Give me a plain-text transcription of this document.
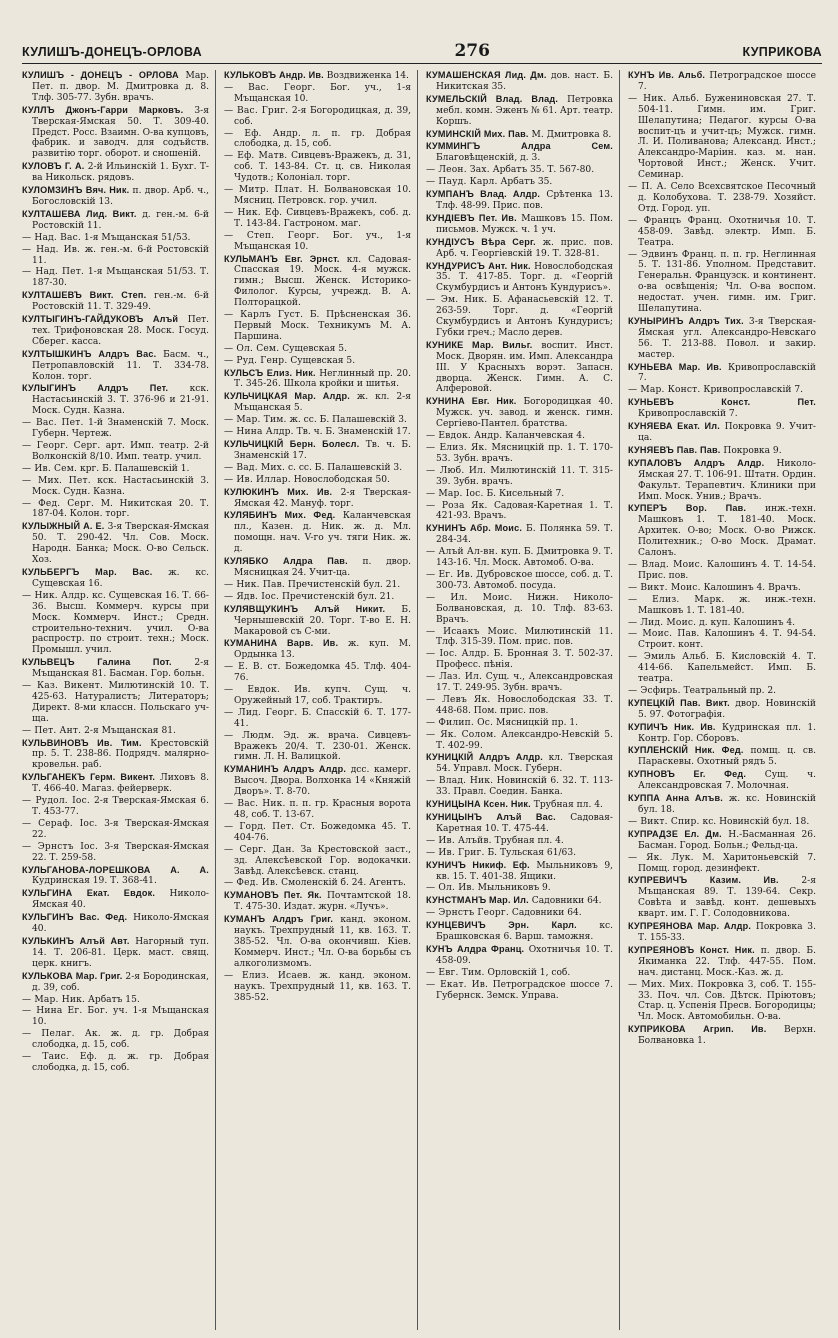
КУЛИШЪ-ДОНЕЦЪ-ОРЛОВА	276	КУПРИКОВА

КУЛИШЪ - ДОНЕЦЪ - ОРЛОВА Мар. Пет. п. двор. М. Дмитровка д. 8. Тлф. 305-77. Зубн. врачъ.

КУЛЛЪ Джонъ-Гарри Марковъ. 3-я Тверская-Ямская 50. Т. 309-40. Предст. Росс. Взаимн. О-ва купцовъ, фабрик. и заводч. для содъйств. развитію торг. оборот. и сношеній.

КУЛОВЪ Г. А. 2-й Ильинскій 1. Бухг. Т-ва Никольск. рядовъ.

КУЛОМЗИНЪ Вяч. Ник. п. двор. Арб. ч., Богословскій 13.

КУЛТАШЕВА Лид. Викт. д. ген.-м. 6-й Ростовскій 11.

— Над. Вас. 1-я Мъщанская 51/53.

— Над. Ив. ж. ген.-м. 6-й Ростовскій 11.

— Над. Пет. 1-я Мъщанская 51/53. Т. 187-30.

КУЛТАШЕВЪ Викт. Степ. ген.-м. 6-й Ростовскій 11. Т. 329-49.

КУЛТЫГИНЪ-ГАЙДУКОВЪ Алъй Пет. тех. Трифоновская 28. Моск. Госуд. Сберег. касса.

КУЛТЫШКИНЪ Алдръ Вас. Басм. ч., Петропавловскій 11. Т. 334-78. Колон. торг.

КУЛЫГИНЪ Алдръ Пет. кск. Настасьинскій 3. Т. 376-96 и 21-91. Моск. Судн. Казна.

— Вас. Пет. 1-й Знаменскій 7. Моск. Губерн. Чертеж.

— Георг. Серг. арт. Имп. театр. 2-й Волконскій 8/10. Имп. театр. учил.

— Ив. Сем. крг. Б. Палашевскій 1.

— Мих. Пет. кск. Настасьинскій 3. Моск. Судн. Казна.

— Фед. Серг. М. Никитская 20. Т. 187-04. Колон. торг.

КУЛЫЖНЫЙ А. Е. 3-я Тверская-Ямская 50. Т. 290-42. Чл. Сов. Моск. Народн. Банка; Моск. О-во Сельск. Хоз.

КУЛЬБЕРГЪ Мар. Вас. ж. кс. Сущевская 16.

— Ник. Алдр. кс. Сущевская 16. Т. 66-36. Высш. Коммерч. курсы при Моск. Коммерч. Инст.; Средн. строительно-технич. учил. О-ва распростр. по строит. техн.; Моск. Промышл. учил.

КУЛЬВЕЦЪ Галина Пот. 2-я Мъщанская 81. Басман. Гор. больн.

— Каз. Викент. Милютинскій 10. Т. 425-63. Натуралистъ; Литераторъ; Директ. 8-ми классн. Польскаго уч-ща.

— Пет. Ант. 2-я Мъщанская 81.

КУЛЬВИНОВЪ Ив. Тим. Крестовскій пр. 5. Т. 238-86. Подрядч. малярно-кровельн. раб.

КУЛЬГАНЕКЪ Герм. Викент. Лиховъ 8. Т. 466-40. Магаз. фейерверк.

— Рудол. Іос. 2-я Тверская-Ямская 6. Т. 453-77.

— Сераф. Іос. 3-я Тверская-Ямская 22.

— Эрнстъ Іос. 3-я Тверская-Ямская 22. Т. 259-58.

КУЛЬГАНОВА-ЛОРЕШКОВА А. А. Кудринская 19. Т. 368-41.

КУЛЬГИНА Екат. Евдок. Николо-Ямская 40.

КУЛЬГИНЪ Вас. Фед. Николо-Ямская 40.

КУЛЬКИНЪ Алъй Авт. Нагорный туп. 14. Т. 206-81. Церк. маст. свящ. церк. книгъ.

КУЛЬКОВА Мар. Григ. 2-я Бородинская, д. 39, соб.

— Мар. Ник. Арбатъ 15.

— Нина Ег. Бог. уч. 1-я Мъщанская 10.

— Пелаг. Ак. ж. д. гр. Добрая слободка, д. 15, соб.

— Таис. Еф. д. ж. гр. Добрая слободка, д. 15, соб.

КУЛЬКОВЪ Андр. Ив. Воздвиженка 14.

— Вас. Георг. Бог. уч., 1-я Мъщанская 10.

— Вас. Григ. 2-я Богородицкая, д. 39, соб.

— Еф. Андр. л. п. гр. Добрая слободка, д. 15, соб.

— Еф. Матв. Сивцевъ-Вражекъ, д. 31, соб. Т. 143-84. Ст. ц. св. Николая Чудотв.; Колоніал. торг.

— Митр. Плат. Н. Болвановская 10. Мясниц. Петровск. гор. учил.

— Ник. Еф. Сивцевъ-Вражекъ, соб. д. Т. 143-84. Гастроном. маг.

— Степ. Георг. Бог. уч., 1-я Мъщанская 10.

КУЛЬМАНЪ Евг. Эрнст. кл. Садовая-Спасская 19. Моск. 4-я мужск. гимн.; Высш. Женск. Историко-Филолог. Курсы, учрежд. В. А. Полторацкой.

— Карлъ Густ. Б. Прѣсненская 36. Первый Моск. Техникумъ М. А. Паршина.

— Ол. Сем. Сущевская 5.

— Руд. Генр. Сущевская 5.

КУЛЬСЪ Елиз. Ник. Неглинный пр. 20. Т. 345-26. Школа кройки и шитья.

КУЛЬЧИЦКАЯ Мар. Алдр. ж. кл. 2-я Мъщанская 5.

— Мар. Тим. ж. сс. Б. Палашевскій 3.

— Нина Алдр. Тв. ч. Б. Знаменскій 17.

КУЛЬЧИЦКІЙ Берн. Болесл. Тв. ч. Б. Знаменскій 17.

— Вад. Мих. с. сс. Б. Палашевскій 3.

— Ив. Иллар. Новослободская 50.

КУЛЮКИНЪ Мих. Ив. 2-я Тверская-Ямская 42. Мануф. торг.

КУЛЯБИНЪ Мих. Фед. Каланчевская пл., Казен. д. Ник. ж. д. Мл. помощн. нач. V-го уч. тяги Ник. ж. д.

КУЛЯБКО Алдра Пав. п. двор. Мясницкая 24. Учит-ца.

— Ник. Пав. Пречистенскій бул. 21.

— Ядв. Іос. Пречистенскій бул. 21.

КУЛЯВЩУКИНЪ Алъй Никит. Б. Чернышевскій 20. Торг. Т-во Е. Н. Макаровой съ С-ми.

КУМАНИНА Варв. Ив. ж. куп. М. Ордынка 13.

— Е. В. ст. Божедомка 45. Тлф. 404-76.

— Евдок. Ив. купч. Сущ. ч. Оружейный 17, соб. Трактиръ.

— Лид. Георг. Б. Спасскій 6. Т. 177-41.

— Людм. Эд. ж. врача. Сивцевъ-Вражекъ 20/4. Т. 230-01. Женск. гимн. Л. Н. Валицкой.

КУМАНИНЪ Алдръ Алдр. дсс. камерг. Высоч. Двора. Волхонка 14 «Княжій Дворъ». Т. 8-70.

— Вас. Ник. п. п. гр. Красныя ворота 48, соб. Т. 13-67.

— Горд. Пет. Ст. Божедомка 45. Т. 404-76.

— Серг. Дан. За Крестовской заст., зд. Алексѣевской Гор. водокачки. Завѣд. Алексѣевск. станц.

— Фед. Ив. Смоленскій б. 24. Агентъ.

КУМАНОВЪ Пет. Як. Почтамтской 18. Т. 475-30. Издат. журн. «Лучъ».

КУМАНЪ Алдръ Григ. канд. эконом. наукъ. Трехпрудный 11, кв. 163. Т. 385-52. Чл. О-ва окончивш. Кіев. Коммерч. Инст.; Чл. О-ва борьбы съ алкоголизмомъ.

— Елиз. Исаев. ж. канд. эконом. наукъ. Трехпрудный 11, кв. 163. Т. 385-52.

КУМАШЕНСКАЯ Лид. Дм. дов. наст. Б. Никитская 35.

КУМЕЛЬСКІЙ Влад. Влад. Петровка мебл. комн. Эженъ № 61. Арт. театр. Коршъ.

КУМИНСКІЙ Мих. Пав. М. Дмитровка 8.

КУММИНГЪ Алдра Сем. Благовѣщенскій, д. 3.

— Леон. Зах. Арбатъ 35. Т. 567-80.

— Пауд. Карл. Арбатъ 35.

КУМПАНЪ Влад. Алдр. Срѣтенка 13. Тлф. 48-99. Прис. пов.

КУНДІЕВЪ Пет. Ив. Машковъ 15. Пом. письмов. Мужск. ч. 1 уч.

КУНДІУСЪ Вѣра Серг. ж. прис. пов. Арб. ч. Георгіевскій 19. Т. 328-81.

КУНДУРИСЪ Ант. Ник. Новослободская 35. Т. 417-85. Торг. д. «Георгій Скумбурдисъ и Антонъ Кундурисъ».

— Эм. Ник. Б. Афанасьевскій 12. Т. 263-59. Торг. д. «Георгій Скумбурдисъ и Антонъ Кундурисъ; Губки греч.; Масло дерев.

КУНИКЕ Мар. Вильг. воспит. Инст. Моск. Дворян. им. Имп. Александра III. У Красныхъ ворэт. Запасн. дворца. Женск. Гимн. А. С. Алферовой.

КУНИНА Евг. Ник. Богородицкая 40. Мужск. уч. завод. и женск. гимн. Сергіево-Пантел. братства.

— Евдок. Андр. Каланчевская 4.

— Елиз. Як. Мясницкій пр. 1. Т. 170-53. Зубн. врачъ.

— Люб. Ил. Милютинскій 11. Т. 315-39. Зубн. врачъ.

— Мар. Іос. Б. Кисельный 7.

— Роза Як. Садовая-Каретная 1. Т. 421-93. Врачъ.

КУНИНЪ Абр. Моис. Б. Полянка 59. Т. 284-34.

— Алъй Ал-вн. куп. Б. Дмитровка 9. Т. 143-16. Чл. Моск. Автомоб. О-ва.

— Ег. Ив. Дубровское шоссе, соб. д. Т. 300-73. Автомоб. посуда.

— Ил. Моис. Нижн. Николо-Болвановская, д. 10. Тлф. 83-63. Врачъ.

— Исаакъ Моис. Милютинскій 11. Тлф. 315-39. Пом. прис. пов.

— Іос. Алдр. Б. Бронная 3. Т. 502-37. Професс. пѣнія.

— Лаз. Ил. Сущ. ч., Александровская 17. Т. 249-95. Зубн. врачъ.

— Левъ Як. Новослободская 33. Т. 448-68. Пом. прис. пов.

— Филип. Ос. Мясницкій пр. 1.

— Як. Солом. Александро-Невскій 5. Т. 402-99.

КУНИЦКІЙ Алдръ Алдр. кл. Тверская 54. Управл. Моск. Губерн.

— Влад. Ник. Новинскій 6. 32. Т. 113-33. Правл. Соедин. Банка.

КУНИЦЫНА Ксен. Ник. Трубная пл. 4.

КУНИЦЫНЪ Алъй Вас. Садовая-Каретная 10. Т. 475-44.

— Ив. Алъйв. Трубная пл. 4.

— Ив. Григ. Б. Тульская 61/63.

КУНИЧЪ Никиф. Еф. Мыльниковъ 9, кв. 15. Т. 401-38. Ящики.

— Ол. Ив. Мыльниковъ 9.

КУНСТМАНЪ Мар. Ил. Садовники 64.

— Эрнстъ Георг. Садовники 64.

КУНЦЕВИЧЪ Эрн. Карл. кс. Брашковская 6. Варш. таможня.

КУНЪ Алдра Франц. Охотничья 10. Т. 458-09.

— Евг. Тим. Орловскій 1, соб.

— Екат. Ив. Петроградское шоссе 7. Губернск. Земск. Управа.

КУНЪ Ив. Альб. Петроградское шоссе 7.

— Ник. Альб. Бужениновская 27. Т. 504-11. Гимн. им. Григ. Шелапутина; Педагог. курсы О-ва воспит-цъ и учит-цъ; Мужск. гимн. Л. И. Поливанова; Александ. Инст.; Александро-Маріин. каз. м. нан. Чортовой Инст.; Женск. Учит. Семинар.

— П. А. Село Всехсвятское Песочный д. Колобухова. Т. 238-79. Хозяйст. Отд. Город. уп.

— Францъ Франц. Охотничья 10. Т. 458-09. Завѣд. электр. Имп. Б. Театра.

— Эдвинъ Франц. п. п. гр. Неглинная 5. Т. 131-86. Уполном. Представит. Генеральн. Французск. и континент. о-ва освѣщенія; Чл. О-ва воспом. недостат. учен. гимн. им. Григ. Шелапутина.

КУНЫРИНЪ Алдръ Тих. 3-я Тверская-Ямская угл. Александро-Невскаго 56. Т. 213-88. Повол. и закир. мастер.

КУНЬЕВА Мар. Ив. Кривопрославскій 7.

— Мар. Конст. Кривопрославскій 7.

КУНЬЕВЪ Конст. Пет. Кривопрославскій 7.

КУНЯЕВА Екат. Ил. Покровка 9. Учит-ца.

КУНЯЕВЪ Пав. Пав. Покровка 9.

КУПАЛОВЪ Алдръ Алдр. Николо-Ямская 27. Т. 106-91. Штатн. Ордин. Факульт. Терапевтич. Клиники при Имп. Моск. Унив.; Врачъ.

КУПЕРЪ Вор. Пав. инж.-техн. Машковъ 1. Т. 181-40. Моск. Архитек. О-во; Моск. О-во Рижск. Политехник.; О-во Моск. Драмат. Салонъ.

— Влад. Моис. Калошинъ 4. Т. 14-54. Прис. пов.

— Викт. Моис. Калошинъ 4. Врачъ.

— Елиз. Марк. ж. инж.-техн. Машковъ 1. Т. 181-40.

— Лид. Моис. д. куп. Калошинъ 4.

— Моис. Пав. Калошинъ 4. Т. 94-54. Строит. конт.

— Эмиль Альб. Б. Кисловскій 4. Т. 414-66. Капельмейст. Имп. Б. театра.

— Эсфирь. Театральный пр. 2.

КУПЕЦКІЙ Пав. Викт. двор. Новинскій 5. 97. Фотографія.

КУПИЧЪ Ник. Ив. Кудринская пл. 1. Контр. Гор. Сборовъ.

КУПЛЕНСКІЙ Ник. Фед. помщ. ц. св. Параскевы. Охотный рядъ 5.

КУПНОВЪ Ег. Фед. Сущ. ч. Александровская 7. Молочная.

КУППА Анна Алъв. ж. кс. Новинскій бул. 18.

— Викт. Спир. кс. Новинскій бул. 18.

КУПРАДЗЕ Ел. Дм. Н.-Басманная 26. Басман. Город. Больн.; Фельд-ца.

— Як. Лук. М. Харитоньевскій 7. Помщ. город. дезинфект.

КУПРЕВИЧЪ Казим. Ив. 2-я Мъщанская 89. Т. 139-64. Секр. Совѣта и завѣд. конт. дешевыхъ кварт. им. Г. Г. Солодовникова.

КУПРЕЯНОВА Мар. Алдр. Покровка 3. Т. 155-33.

КУПРЕЯНОВЪ Конст. Ник. п. двор. Б. Якиманка 22. Тлф. 447-55. Пом. нач. дистанц. Моск.-Каз. ж. д.

— Мих. Мих. Покровка 3, соб. Т. 155-33. Поч. чл. Сов. Дѣтск. Пріютовъ; Стар. ц. Успенія Пресв. Богородицы; Чл. Моск. Автомобильн. О-ва.

КУПРИКОВА Агрип. Ив. Верхн. Болвановка 1.
